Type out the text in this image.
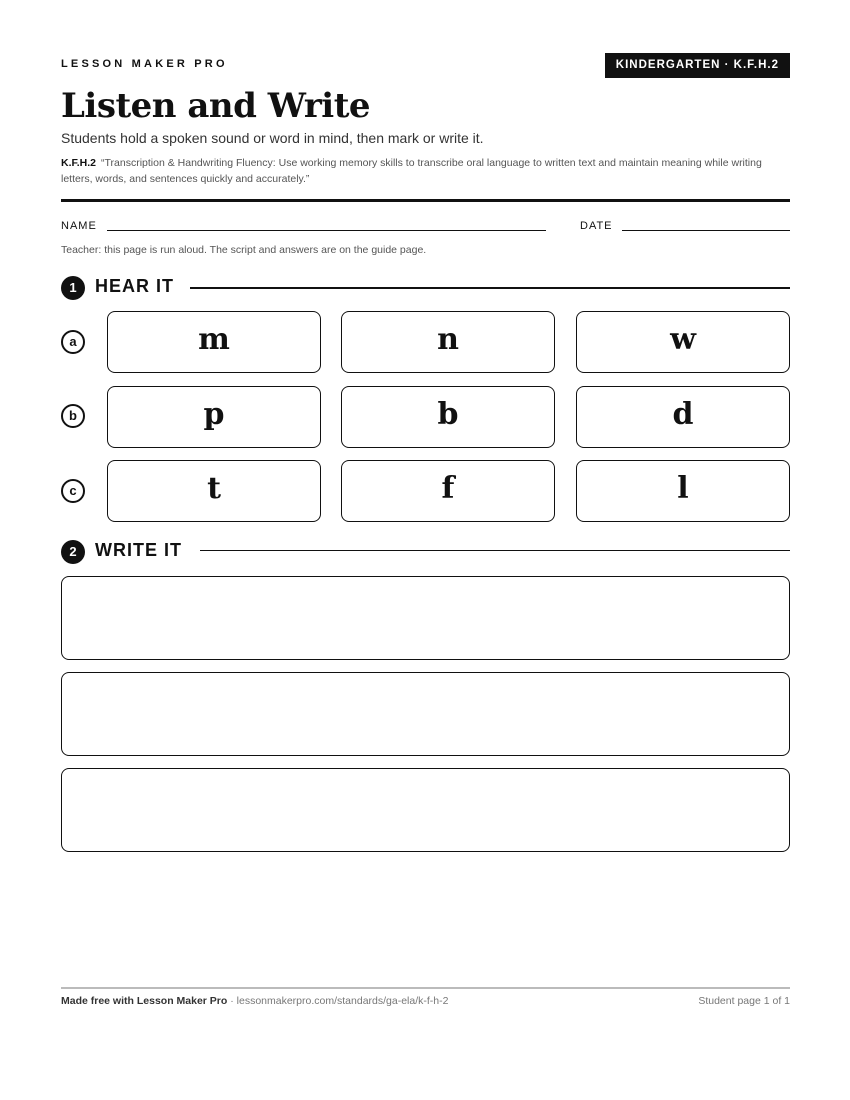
LESSON MAKER PRO	KINDERGARTEN · K.F.H.2
Listen and Write
Students hold a spoken sound or word in mind, then mark or write it.
K.F.H.2 “Transcription & Handwriting Fluency: Use working memory skills to transcribe oral language to written text and maintain meaning while writing letters, words, and sentences quickly and accurately.”
NAME	DATE
Teacher: this page is run aloud. The script and answers are on the guide page.
1	HEAR IT
a	m	n	w
b	p	b	d
c	t	f	l
2	WRITE IT
Made free with Lesson Maker Pro · lessonmakerpro.com/standards/ga-ela/k-f-h-2	Student page 1 of 1
